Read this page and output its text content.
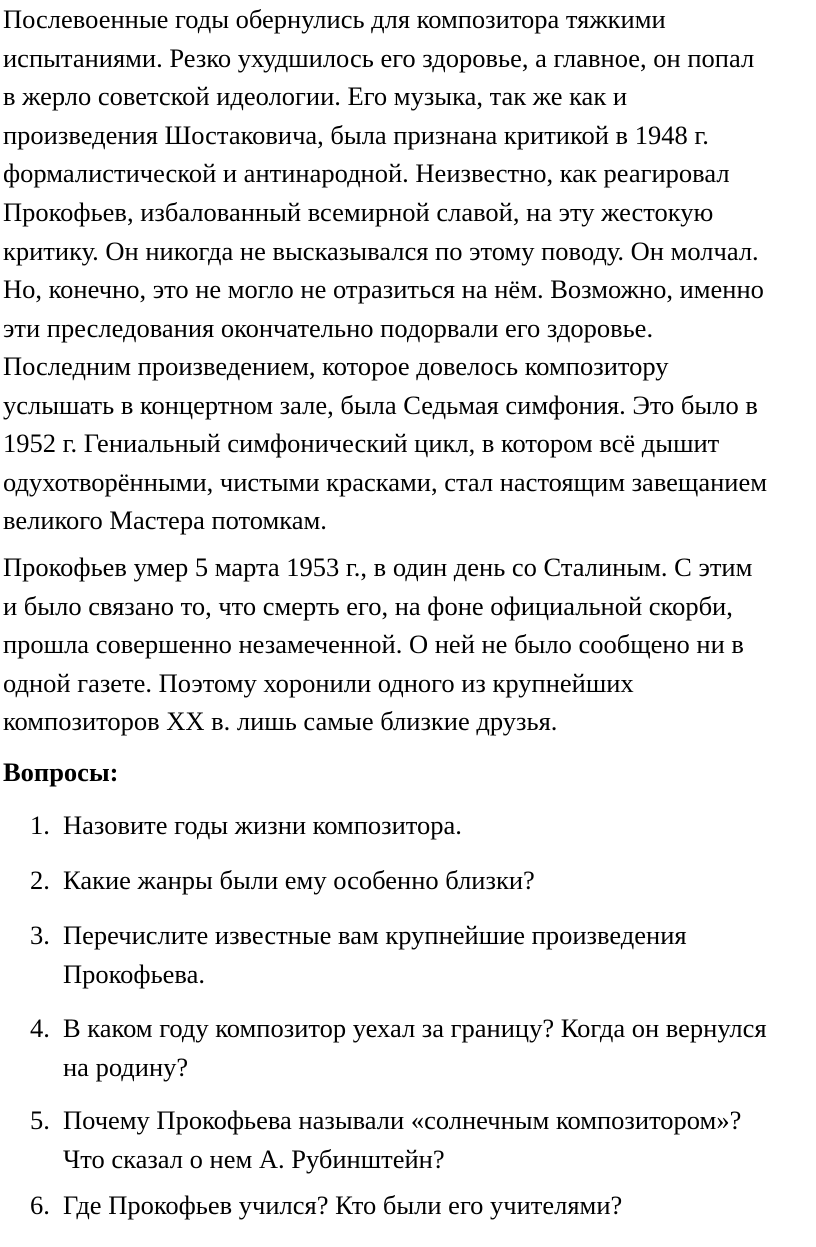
Послевоенные годы обернулись для композитора тяжкими
испытаниями. Резко ухудшилось его здоровье, а главное, он попал
в жерло советской идеологии. Его музыка, так же как и
произведения Шостаковича, была признана критикой в 1948 г.
формалистической и антинародной. Неизвестно, как реагировал
Прокофьев, избалованный всемирной славой, на эту жестокую
критику. Он никогда не высказывался по этому поводу. Он молчал.
Но, конечно, это не могло не отразиться на нём. Возможно, именно
эти преследования окончательно подорвали его здоровье.

Последним произведением, которое довелось композитору
услышать в концертном зале, была Седьмая симфония. Это было в
1952 г. Гениальный симфонический цикл, в котором всё дышит
одухотворёнными, чистыми красками, стал настоящим завещанием
великого Мастера потомкам.

Прокофьев умер 5 марта 1953 г., в один день со Сталиным. С этим
и было связано то, что смерть его, на фоне официальной скорби,
прошла совершенно незамеченной. О ней не было сообщено ни в
одной газете. Поэтому хоронили одного из крупнейших
композиторов XX в. лишь самые близкие друзья.

Вопросы:
1. Назовите годы жизни композитора.
2. Какие жанры были ему особенно близки?
3. Перечислите известные вам крупнейшие произведения
Прокофьева.
4. В каком году композитор уехал за границу? Когда он вернулся
на родину?
5. Почему Прокофьева называли «солнечным композитором»?
Что сказал о нем А. Рубинштейн?
6. Где Прокофьев учился? Кто были его учителями?
